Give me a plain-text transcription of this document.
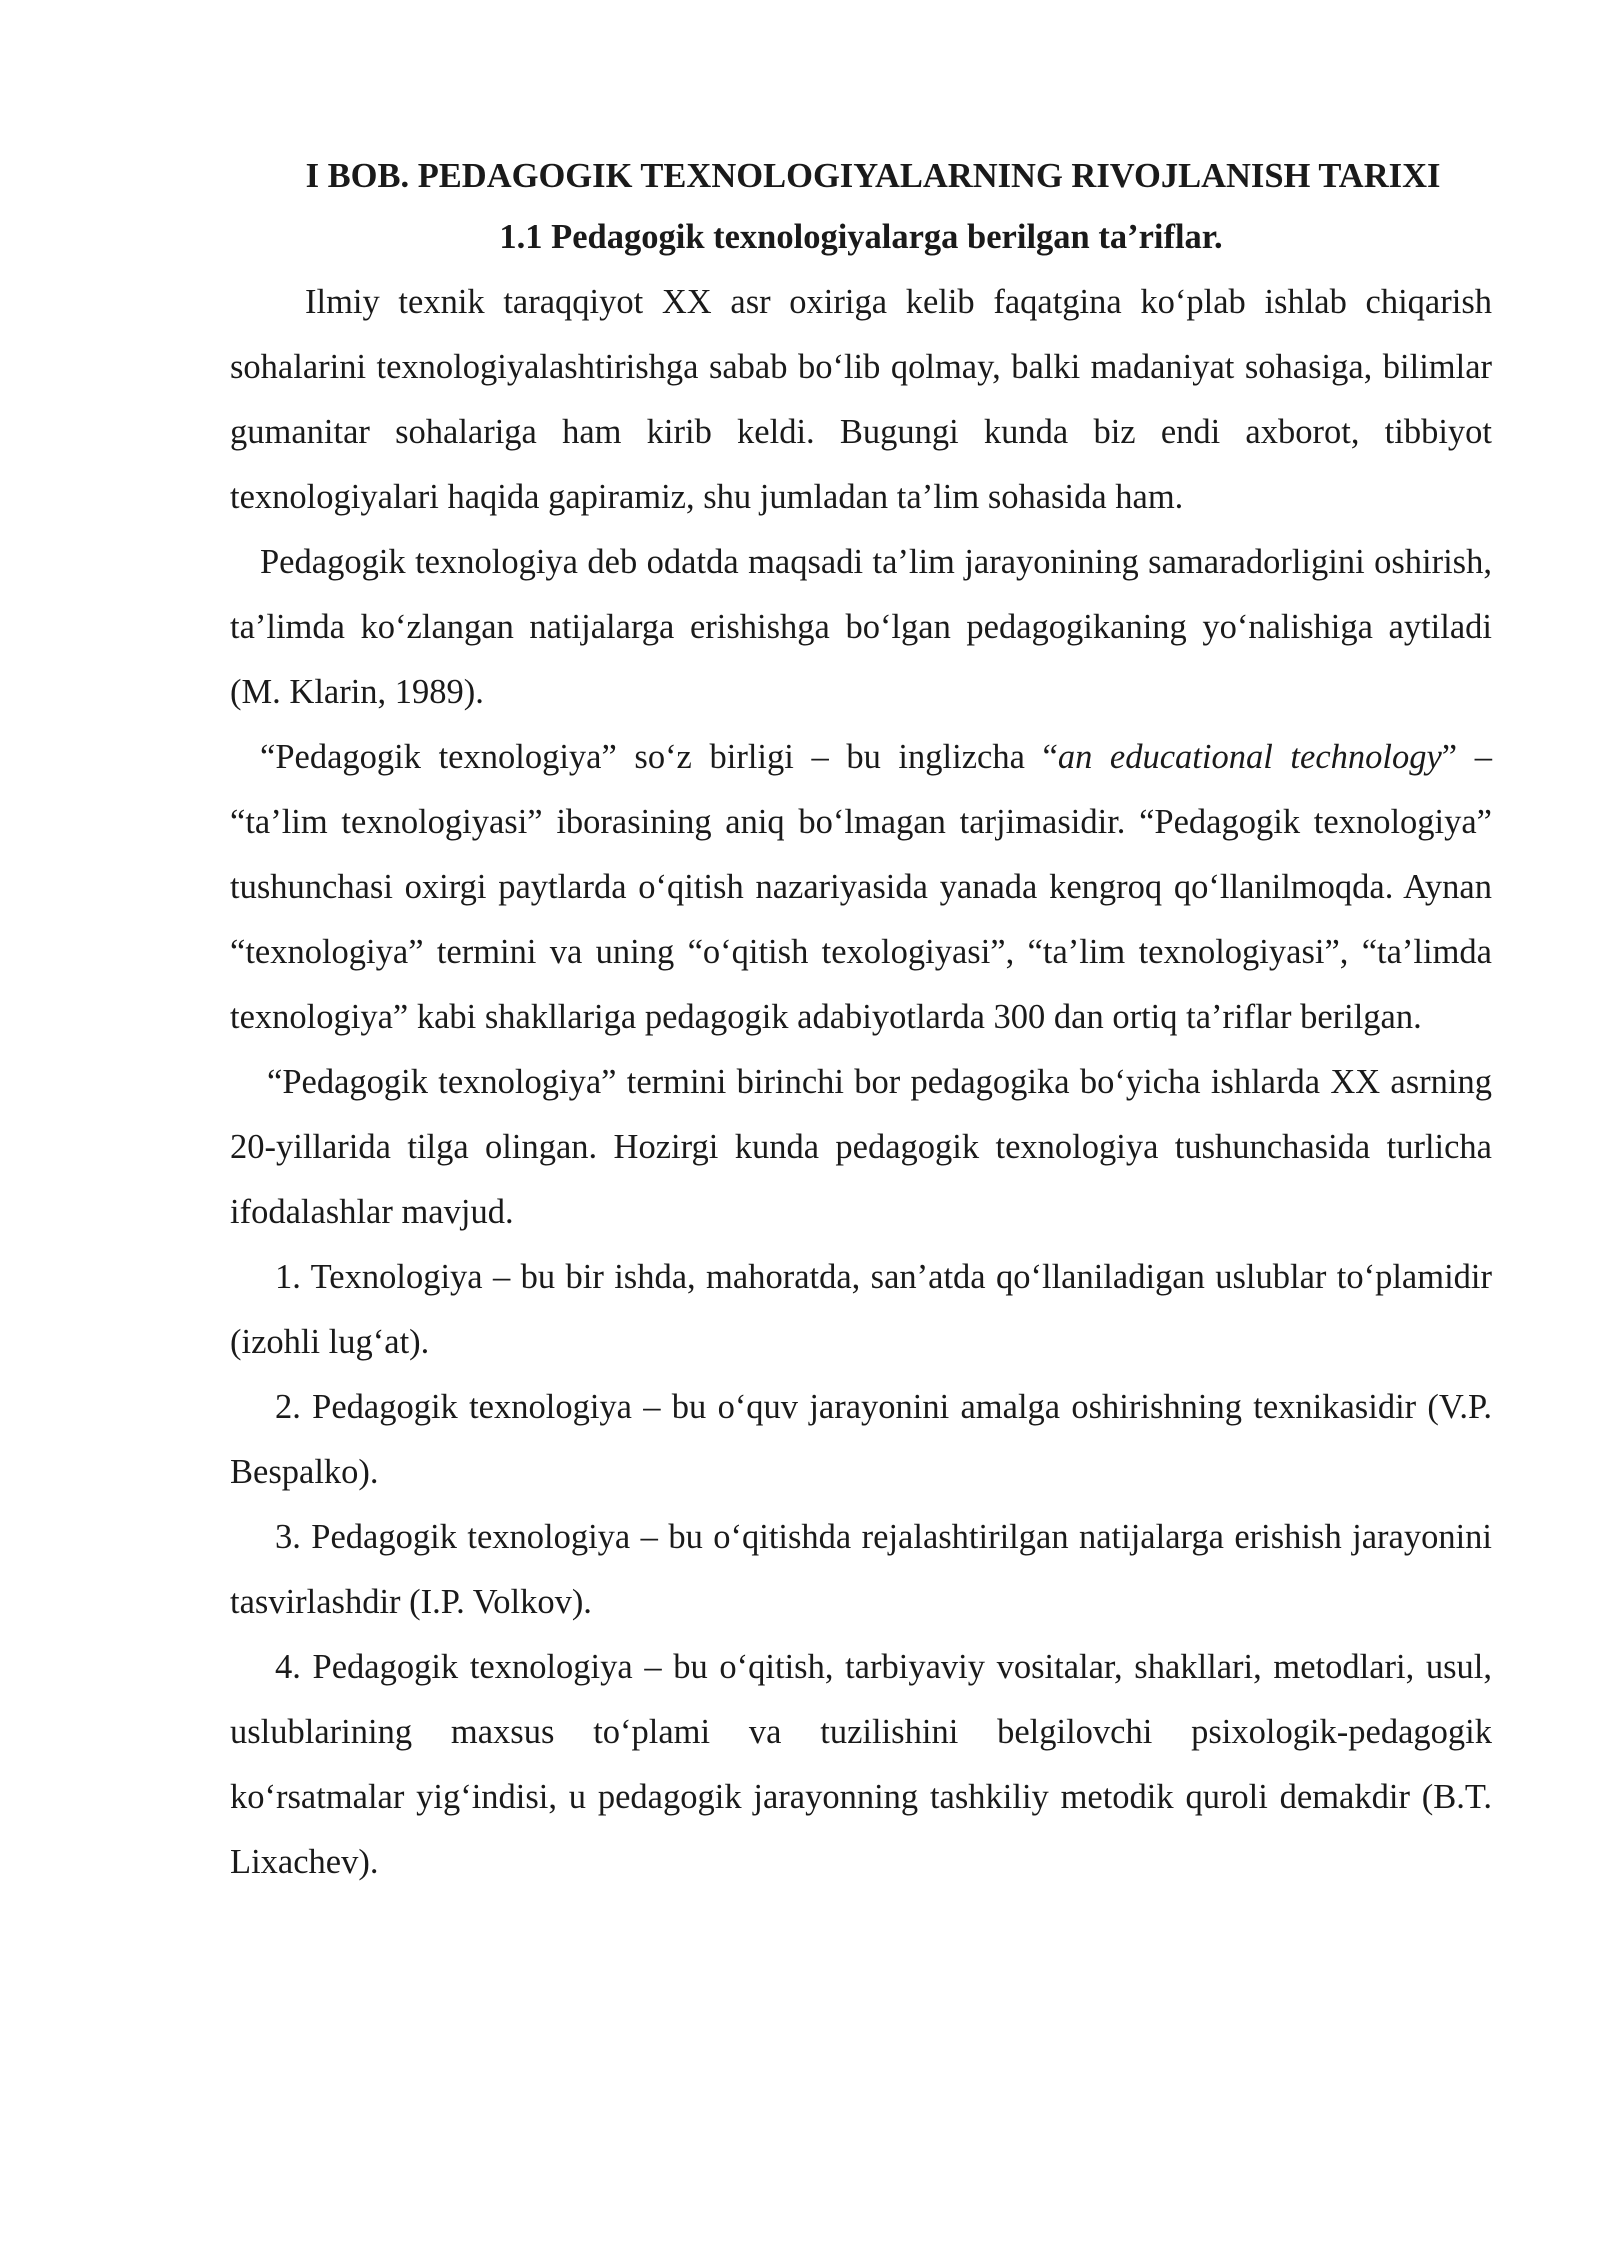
I BOB. PEDAGOGIK TEXNOLOGIYALARNING RIVOJLANISH TARIXI
1.1 Pedagogik texnologiyalarga berilgan ta’riflar.

Ilmiy texnik taraqqiyot XX asr oxiriga kelib faqatgina ko‘plab ishlab chiqarish sohalarini texnologiyalashtirishga sabab bo‘lib qolmay, balki madaniyat sohasiga, bilimlar gumanitar sohalariga ham kirib keldi. Bugungi kunda biz endi axborot, tibbiyot texnologiyalari haqida gapiramiz, shu jumladan ta’lim sohasida ham.

Pedagogik texnologiya deb odatda maqsadi ta’lim jarayonining samaradorligini oshirish, ta’limda ko‘zlangan natijalarga erishishga bo‘lgan pedagogikaning yo‘nalishiga aytiladi (M. Klarin, 1989).

“Pedagogik texnologiya” so‘z birligi – bu inglizcha “an educational technology” – “ta’lim texnologiyasi” iborasining aniq bo‘lmagan tarjimasidir. “Pedagogik texnologiya” tushunchasi oxirgi paytlarda o‘qitish nazariyasida yanada kengroq qo‘llanilmoqda. Aynan “texnologiya” termini va uning “o‘qitish texologiyasi”, “ta’lim texnologiyasi”, “ta’limda texnologiya” kabi shakllariga pedagogik adabiyotlarda 300 dan ortiq ta’riflar berilgan.

“Pedagogik texnologiya” termini birinchi bor pedagogika bo‘yicha ishlarda XX asrning 20-yillarida tilga olingan. Hozirgi kunda pedagogik texnologiya tushunchasida turlicha ifodalashlar mavjud.

1. Texnologiya – bu bir ishda, mahoratda, san’atda qo‘llaniladigan uslublar to‘plamidir (izohli lug‘at).

2. Pedagogik texnologiya – bu o‘quv jarayonini amalga oshirishning texnikasidir (V.P. Bespalko).

3. Pedagogik texnologiya – bu o‘qitishda rejalashtirilgan natijalarga erishish jarayonini tasvirlashdir (I.P. Volkov).

4. Pedagogik texnologiya – bu o‘qitish, tarbiyaviy vositalar, shakllari, metodlari, usul, uslublarining maxsus to‘plami va tuzilishini belgilovchi psixologik-pedagogik ko‘rsatmalar yig‘indisi, u pedagogik jarayonning tashkiliy metodik quroli demakdir (B.T. Lixachev).
